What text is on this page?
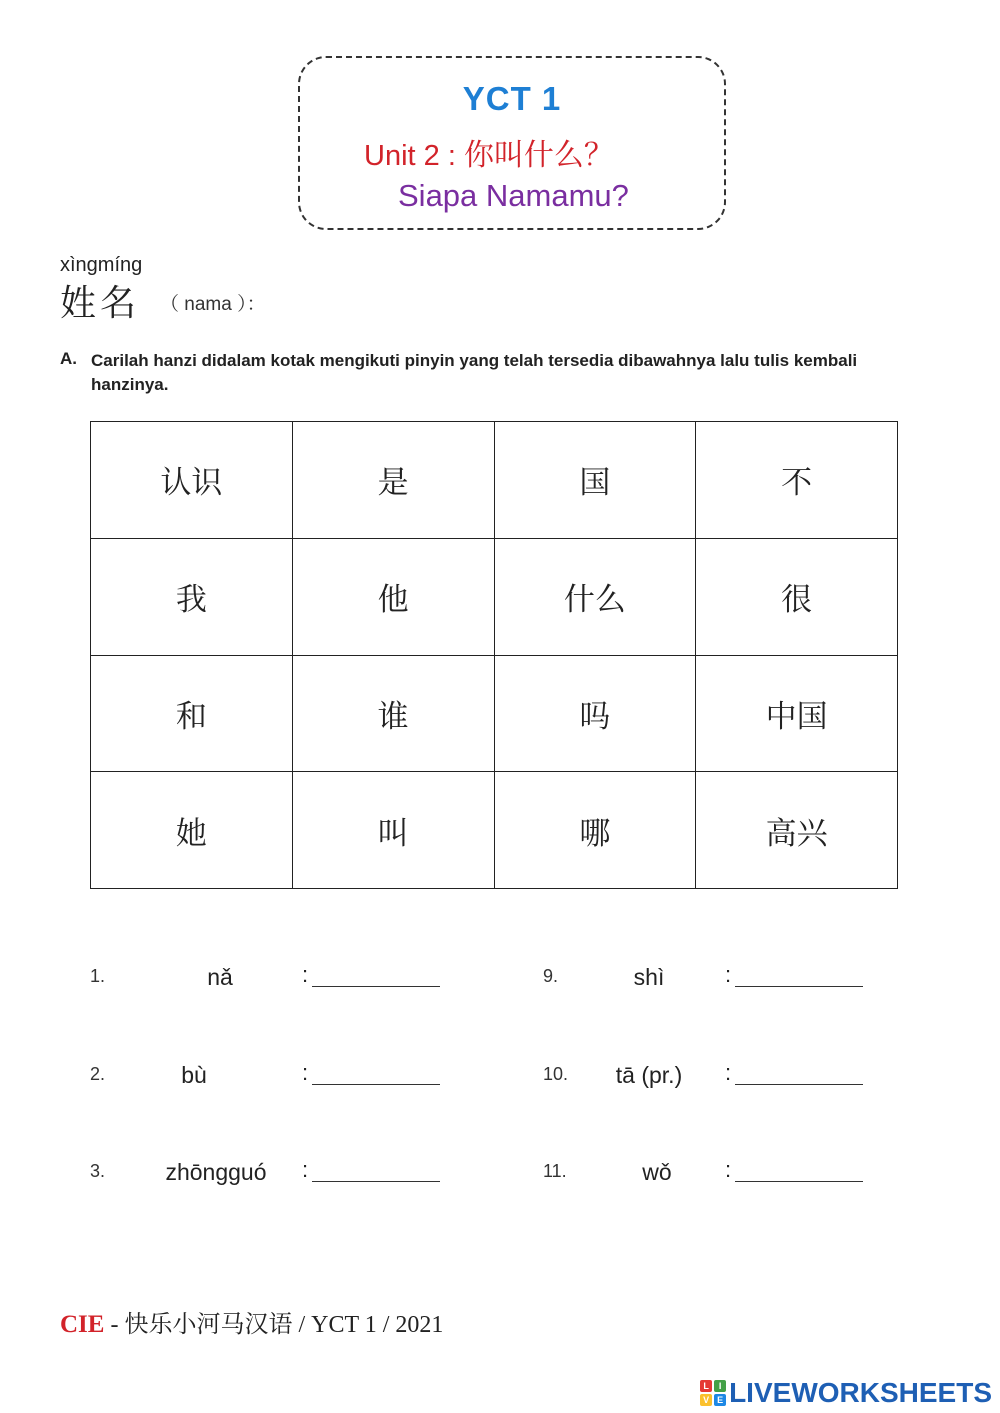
YCT 1
Unit 2 : 你叫什么？
Siapa Namamu?
xìngmíng
姓名 （ nama ）：
A. Carilah hanzi didalam kotak mengikuti pinyin yang telah tersedia dibawahnya lalu tulis kembali hanzinya.
认识	是	国	不
我	他	什么	很
和	谁	吗	中国
她	叫	哪	高兴
1.	nǎ	:
2.	bù	:
3.	zhōngguó	:
9.	shì	:
10.	tā (pr.)	:
11.	wǒ	:
CIE - 快乐小河马汉语 / YCT 1 / 2021
L	I
V E LIVEWORKSHEETS
